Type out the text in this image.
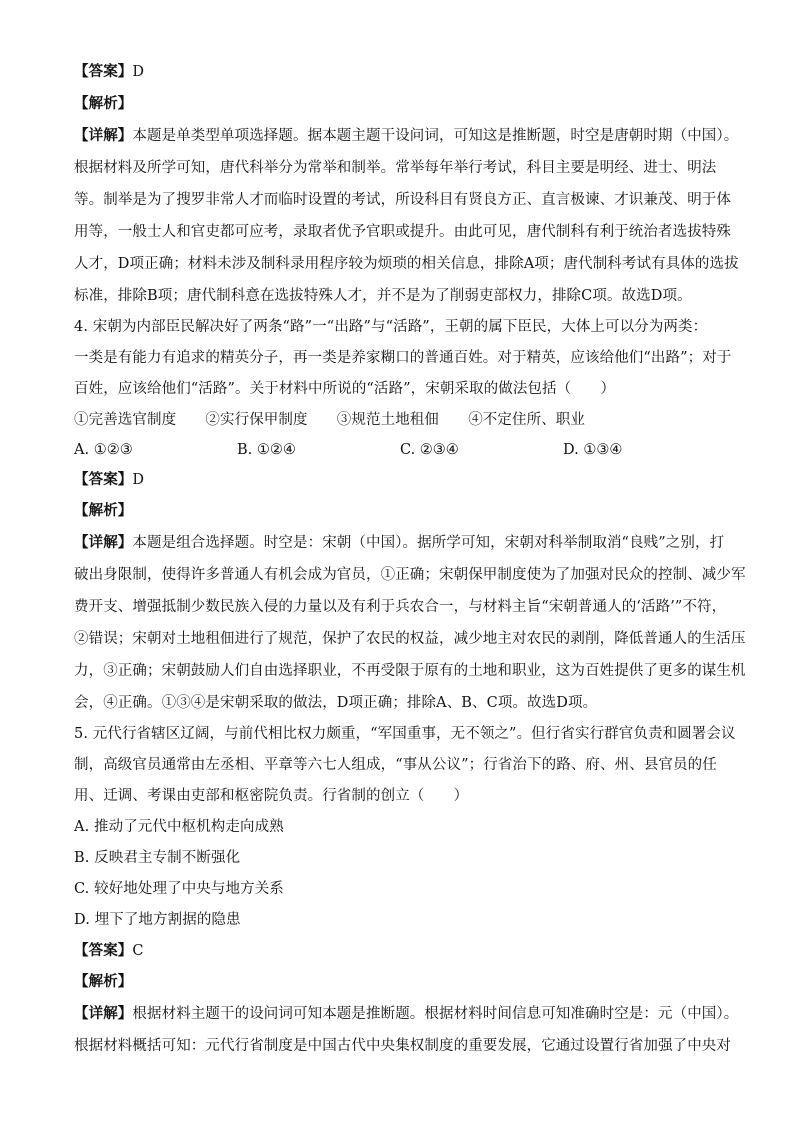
【答案】D
【解析】
【详解】本题是单类型单项选择题。据本题主题干设问词，可知这是推断题，时空是唐朝时期（中国）。
根据材料及所学可知，唐代科举分为常举和制举。常举每年举行考试，科目主要是明经、进士、明法
等。制举是为了搜罗非常人才而临时设置的考试，所设科目有贤良方正、直言极谏、才识兼茂、明于体
用等，一般士人和官吏都可应考，录取者优予官职或提升。由此可见，唐代制科有利于统治者选拔特殊
人才，D项正确；材料未涉及制科录用程序较为烦琐的相关信息，排除A项；唐代制科考试有具体的选拔
标准，排除B项；唐代制科意在选拔特殊人才，并不是为了削弱吏部权力，排除C项。故选D项。
4. 宋朝为内部臣民解决好了两条“路”一“出路”与“活路”，王朝的属下臣民，大体上可以分为两类：
一类是有能力有追求的精英分子，再一类是养家糊口的普通百姓。对于精英，应该给他们“出路”；对于
百姓，应该给他们“活路”。关于材料中所说的“活路”，宋朝采取的做法包括（　　）
①完善选官制度　　②实行保甲制度　　③规范土地租佃　　④不定住所、职业
A. ①②③	B. ①②④	C. ②③④	D. ①③④
【答案】D
【解析】
【详解】本题是组合选择题。时空是：宋朝（中国）。据所学可知，宋朝对科举制取消“良贱”之别，打
破出身限制，使得许多普通人有机会成为官员，①正确；宋朝保甲制度使为了加强对民众的控制、减少军
费开支、增强抵制少数民族入侵的力量以及有利于兵农合一，与材料主旨“宋朝普通人的‘活路’”不符，
②错误；宋朝对土地租佃进行了规范，保护了农民的权益，减少地主对农民的剥削，降低普通人的生活压
力，③正确；宋朝鼓励人们自由选择职业，不再受限于原有的土地和职业，这为百姓提供了更多的谋生机
会，④正确。①③④是宋朝采取的做法，D项正确；排除A、B、C项。故选D项。
5. 元代行省辖区辽阔，与前代相比权力颇重，“军国重事，无不领之”。但行省实行群官负责和圆署会议
制，高级官员通常由左丞相、平章等六七人组成，“事从公议”；行省治下的路、府、州、县官员的任
用、迁调、考课由吏部和枢密院负责。行省制的创立（　　）
A. 推动了元代中枢机构走向成熟
B. 反映君主专制不断强化
C. 较好地处理了中央与地方关系
D. 埋下了地方割据的隐患
【答案】C
【解析】
【详解】根据材料主题干的设问词可知本题是推断题。根据材料时间信息可知准确时空是：元（中国）。
根据材料概括可知：元代行省制度是中国古代中央集权制度的重要发展，它通过设置行省加强了中央对
